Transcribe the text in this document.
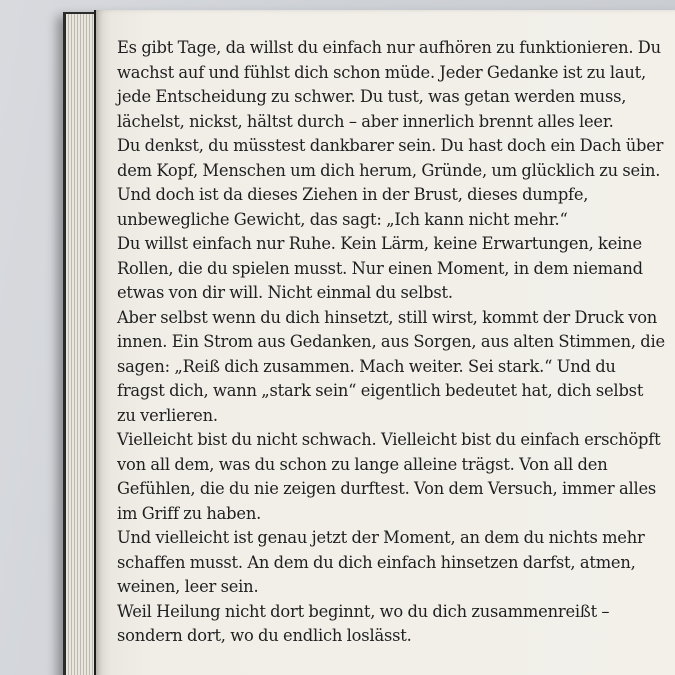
Es gibt Tage, da willst du einfach nur aufhören zu funktionieren. Du wachst auf und fühlst dich schon müde. Jeder Gedanke ist zu laut, jede Entscheidung zu schwer. Du tust, was getan werden muss, lächelst, nickst, hältst durch – aber innerlich brennt alles leer.

Du denkst, du müsstest dankbarer sein. Du hast doch ein Dach über dem Kopf, Menschen um dich herum, Gründe, um glücklich zu sein. Und doch ist da dieses Ziehen in der Brust, dieses dumpfe, unbewegliche Gewicht, das sagt: „Ich kann nicht mehr.“

Du willst einfach nur Ruhe. Kein Lärm, keine Erwartungen, keine Rollen, die du spielen musst. Nur einen Moment, in dem niemand etwas von dir will. Nicht einmal du selbst.

Aber selbst wenn du dich hinsetzt, still wirst, kommt der Druck von innen. Ein Strom aus Gedanken, aus Sorgen, aus alten Stimmen, die sagen: „Reiß dich zusammen. Mach weiter. Sei stark.“ Und du fragst dich, wann „stark sein“ eigentlich bedeutet hat, dich selbst zu verlieren.

Vielleicht bist du nicht schwach. Vielleicht bist du einfach erschöpft von all dem, was du schon zu lange alleine trägst. Von all den Gefühlen, die du nie zeigen durftest. Von dem Versuch, immer alles im Griff zu haben.

Und vielleicht ist genau jetzt der Moment, an dem du nichts mehr schaffen musst. An dem du dich einfach hinsetzen darfst, atmen, weinen, leer sein.

Weil Heilung nicht dort beginnt, wo du dich zusammenreißt – sondern dort, wo du endlich loslässt.
